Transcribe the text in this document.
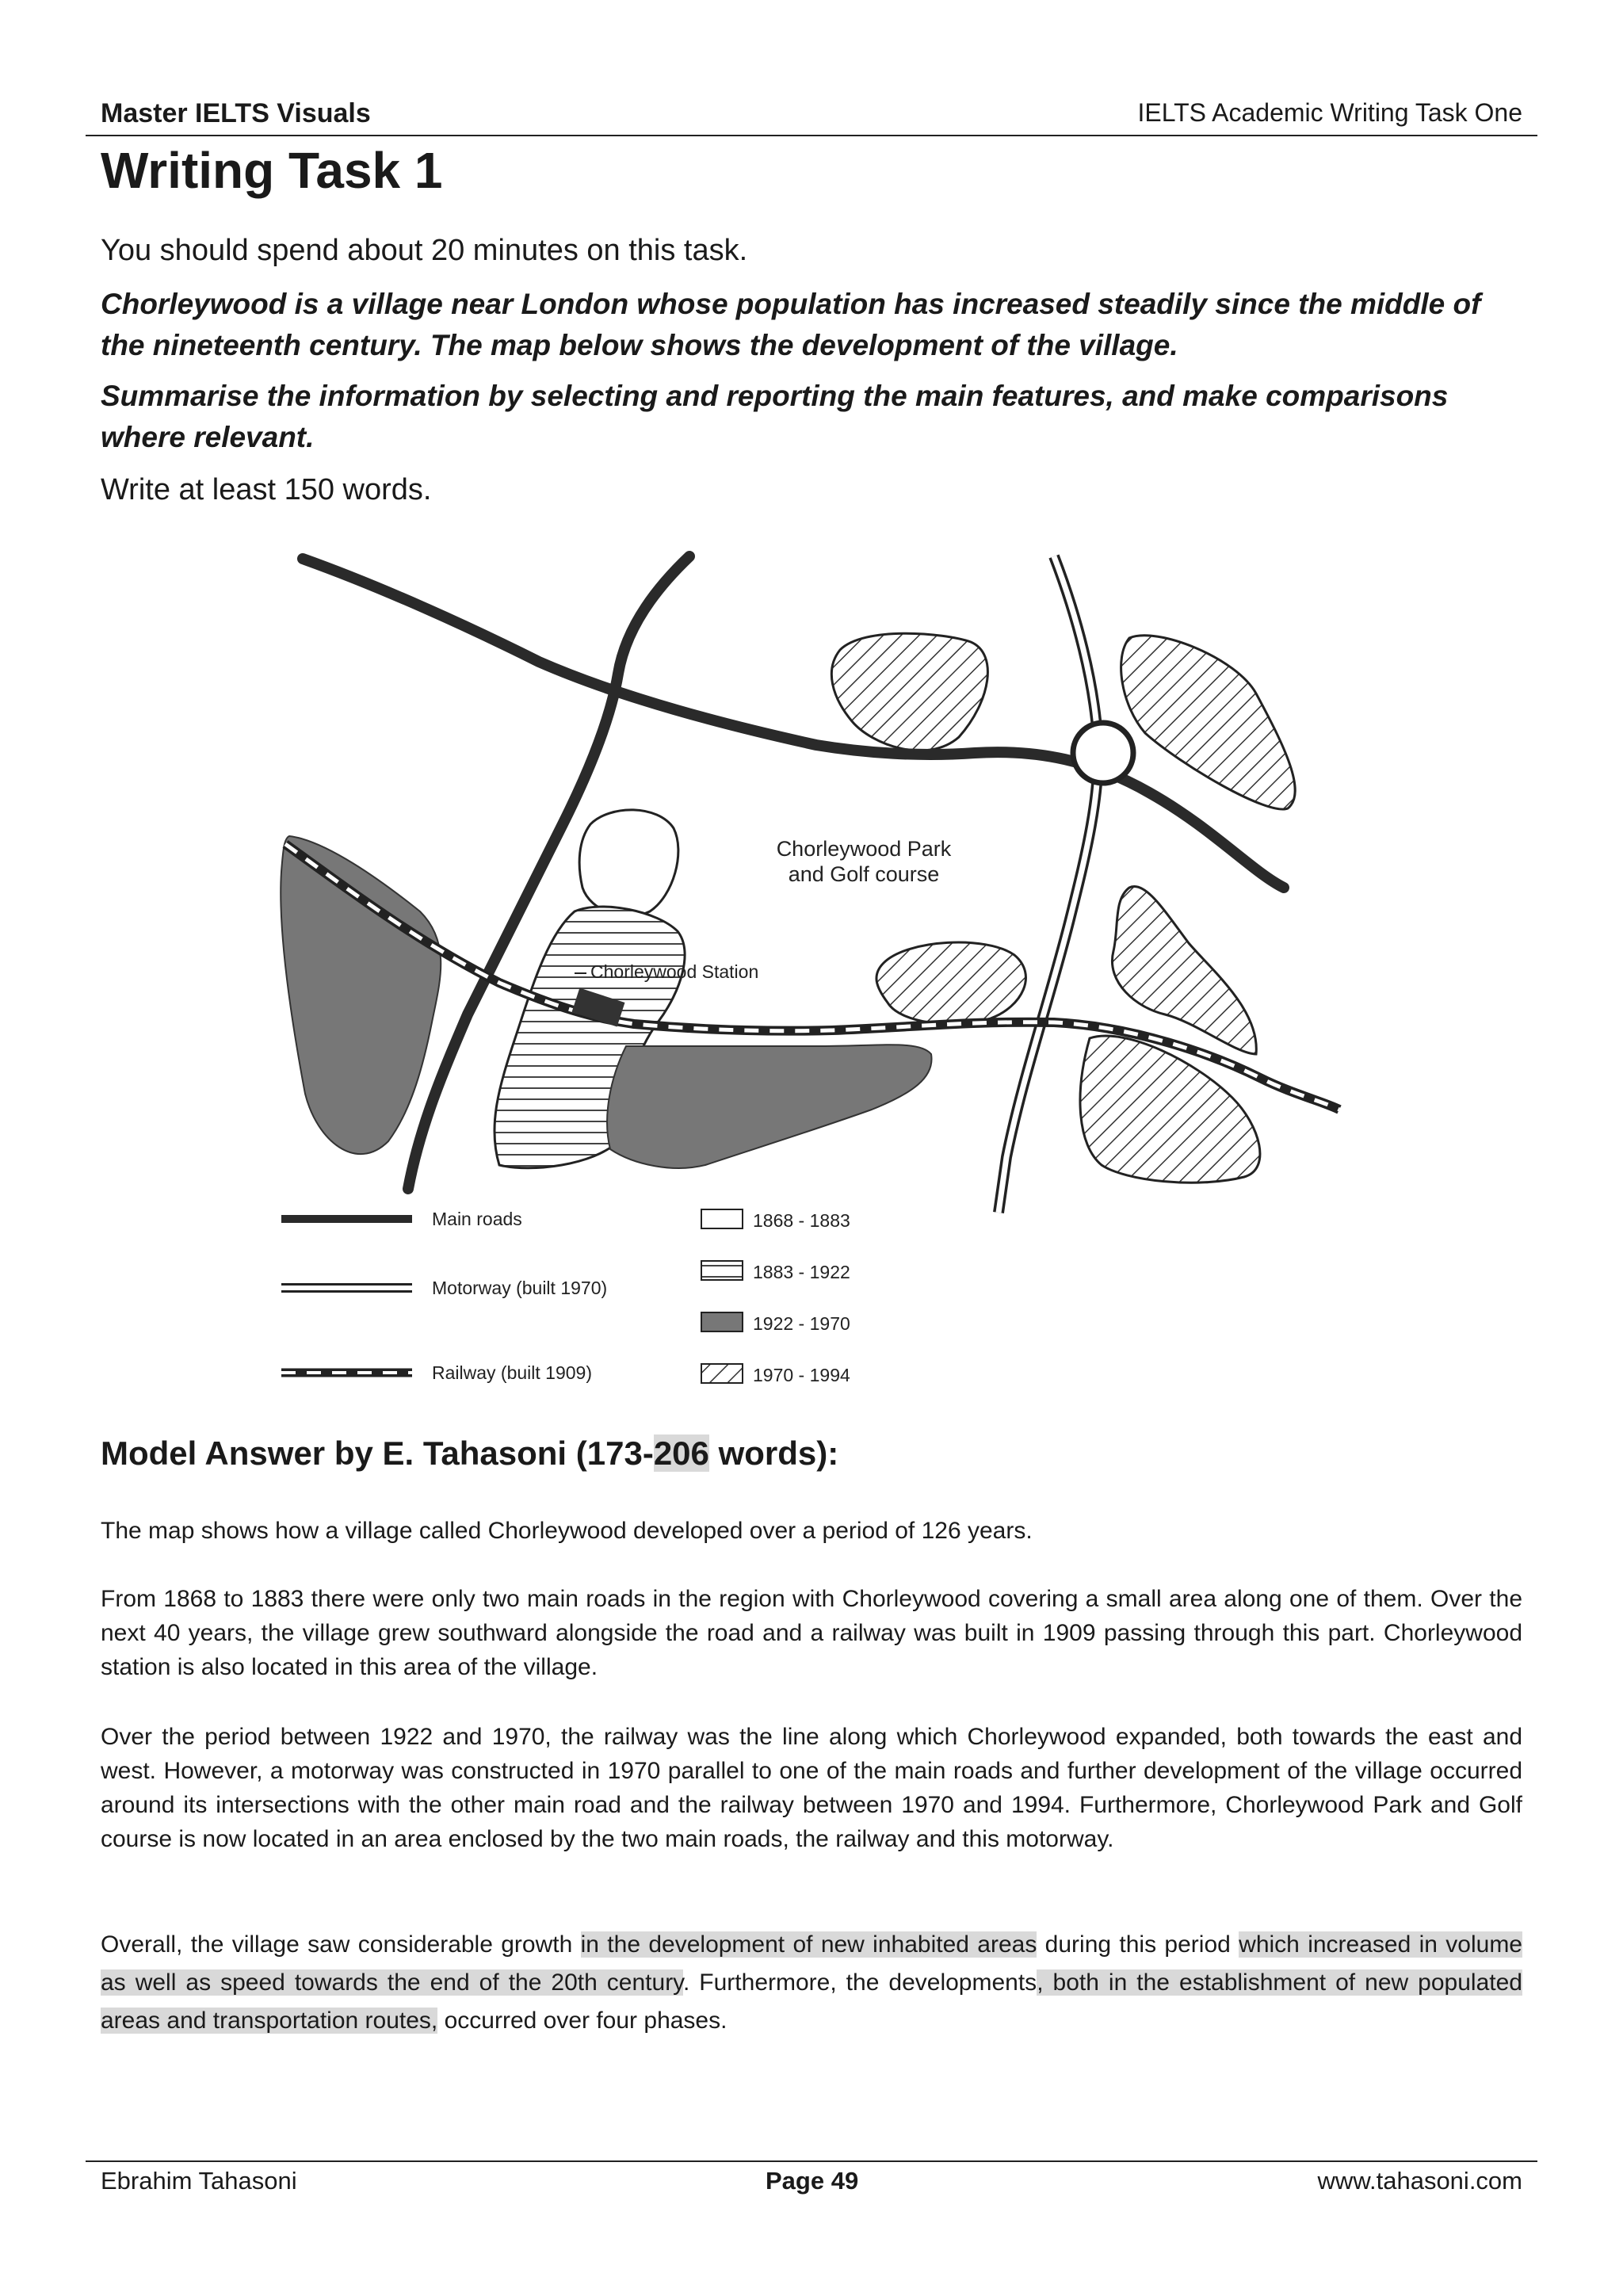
Master IELTS Visuals	IELTS Academic Writing Task One
Writing Task 1

You should spend about 20 minutes on this task.

Chorleywood is a village near London whose population has increased steadily since the middle of the nineteenth century. The map below shows the development of the village.

Summarise the information by selecting and reporting the main features, and make comparisons where relevant.

Write at least 150 words.

Chorleywood Park
and Golf course
Chorleywood Station
Main roads
Motorway (built 1970)
Railway (built 1909)
1868 - 1883
1883 - 1922
1922 - 1970
1970 - 1994
Model Answer by E. Tahasoni (173-206 words):

The map shows how a village called Chorleywood developed over a period of 126 years.

From 1868 to 1883 there were only two main roads in the region with Chorleywood covering a small area along one of them. Over the next 40 years, the village grew southward alongside the road and a railway was built in 1909 passing through this part. Chorleywood station is also located in this area of the village.

Over the period between 1922 and 1970, the railway was the line along which Chorleywood expanded, both towards the east and west. However, a motorway was constructed in 1970 parallel to one of the main roads and further development of the village occurred around its intersections with the other main road and the railway between 1970 and 1994. Furthermore, Chorleywood Park and Golf course is now located in an area enclosed by the two main roads, the railway and this motorway.

Overall, the village saw considerable growth in the development of new inhabited areas during this period which increased in volume as well as speed towards the end of the 20th century. Furthermore, the developments, both in the establishment of new populated areas and transportation routes, occurred over four phases.

Ebrahim Tahasoni	Page 49	www.tahasoni.com
